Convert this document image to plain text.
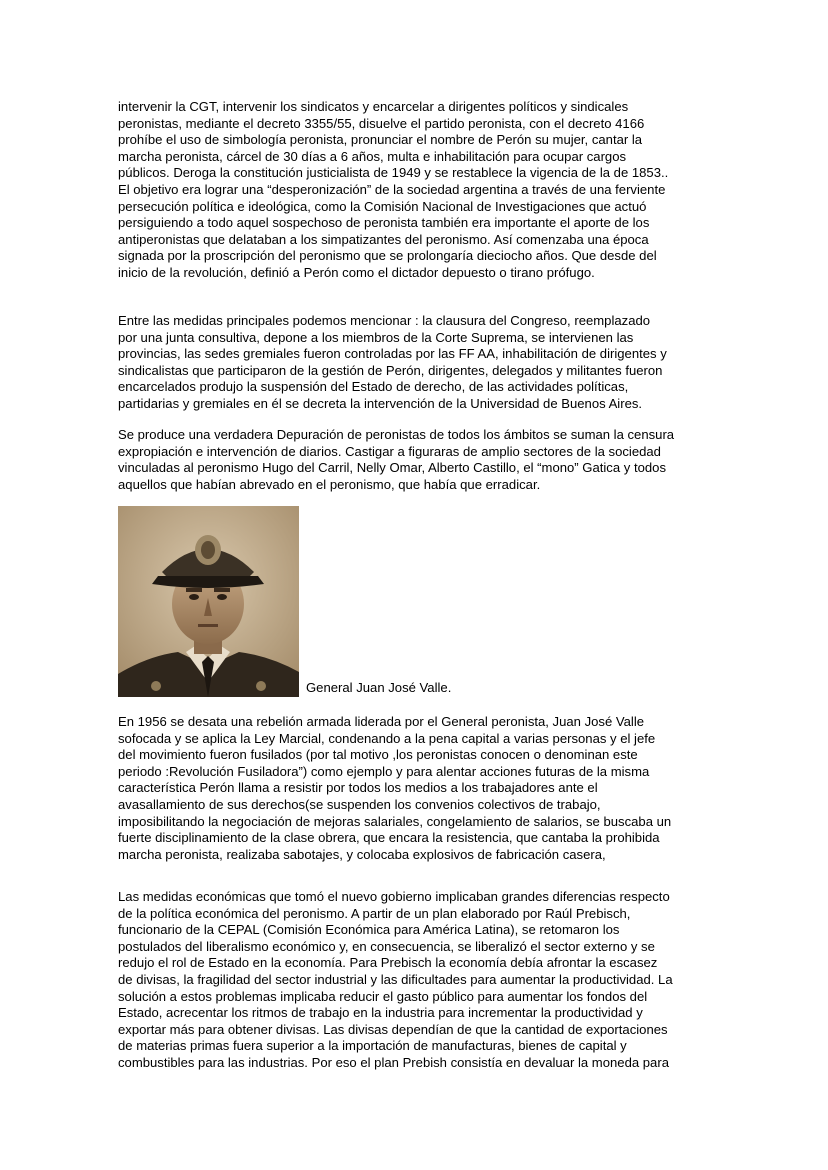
intervenir la CGT, intervenir los sindicatos y encarcelar a dirigentes políticos y sindicales
peronistas, mediante el decreto 3355/55, disuelve el partido peronista, con el decreto 4166
prohíbe el uso de simbología peronista, pronunciar el nombre de Perón su mujer, cantar la
marcha peronista, cárcel de 30 días a 6 años, multa e inhabilitación para ocupar cargos
públicos. Deroga la constitución justicialista de 1949 y se restablece la vigencia de la de 1853..
El objetivo era lograr una “desperonización” de la sociedad argentina a través de una ferviente
persecución política e ideológica, como la Comisión Nacional de Investigaciones que actuó
persiguiendo a todo aquel sospechoso de peronista también era importante el aporte de los
antiperonistas que delataban a los simpatizantes del peronismo. Así comenzaba una época
signada por la proscripción del peronismo que se prolongaría dieciocho años. Que desde del
inicio de la revolución, definió a Perón como el dictador depuesto o tirano prófugo.
Entre las medidas principales podemos mencionar : la clausura del Congreso, reemplazado
por una junta consultiva, depone a los miembros de la Corte Suprema, se intervienen las
provincias, las sedes gremiales fueron controladas por las FF AA, inhabilitación de dirigentes y
sindicalistas que participaron de la gestión de Perón, dirigentes, delegados y militantes fueron
encarcelados produjo la suspensión del Estado de derecho, de las actividades políticas,
partidarias y gremiales en él se decreta la intervención de la Universidad de Buenos Aires.
Se produce una verdadera Depuración de peronistas de todos los ámbitos se suman la censura
expropiación e intervención de diarios. Castigar a figuraras de amplio sectores de la sociedad
vinculadas al peronismo Hugo del Carril, Nelly Omar, Alberto Castillo, el “mono” Gatica y todos
aquellos que habían abrevado en el peronismo, que había que erradicar.
General Juan José Valle.
En 1956 se desata una rebelión armada liderada por el General peronista, Juan José Valle
sofocada y se aplica la Ley Marcial, condenando a la pena capital a varias personas y el jefe
del movimiento fueron fusilados (por tal motivo ,los peronistas conocen o denominan este
periodo :Revolución Fusiladora”) como ejemplo y para alentar acciones futuras de la misma
característica Perón llama a resistir por todos los medios a los trabajadores ante el
avasallamiento de sus derechos(se suspenden los convenios colectivos de trabajo,
imposibilitando la negociación de mejoras salariales, congelamiento de salarios, se buscaba un
fuerte disciplinamiento de la clase obrera, que encara la resistencia, que cantaba la prohibida
marcha peronista, realizaba sabotajes, y colocaba explosivos de fabricación casera,
Las medidas económicas que tomó el nuevo gobierno implicaban grandes diferencias respecto
de la política económica del peronismo. A partir de un plan elaborado por Raúl Prebisch,
funcionario de la CEPAL (Comisión Económica para América Latina), se retomaron los
postulados del liberalismo económico y, en consecuencia, se liberalizó el sector externo y se
redujo el rol de Estado en la economía. Para Prebisch la economía debía afrontar la escasez
de divisas, la fragilidad del sector industrial y las dificultades para aumentar la productividad. La
solución a estos problemas implicaba reducir el gasto público para aumentar los fondos del
Estado, acrecentar los ritmos de trabajo en la industria para incrementar la productividad y
exportar más para obtener divisas. Las divisas dependían de que la cantidad de exportaciones
de materias primas fuera superior a la importación de manufacturas, bienes de capital y
combustibles para las industrias. Por eso el plan Prebish consistía en devaluar la moneda para
